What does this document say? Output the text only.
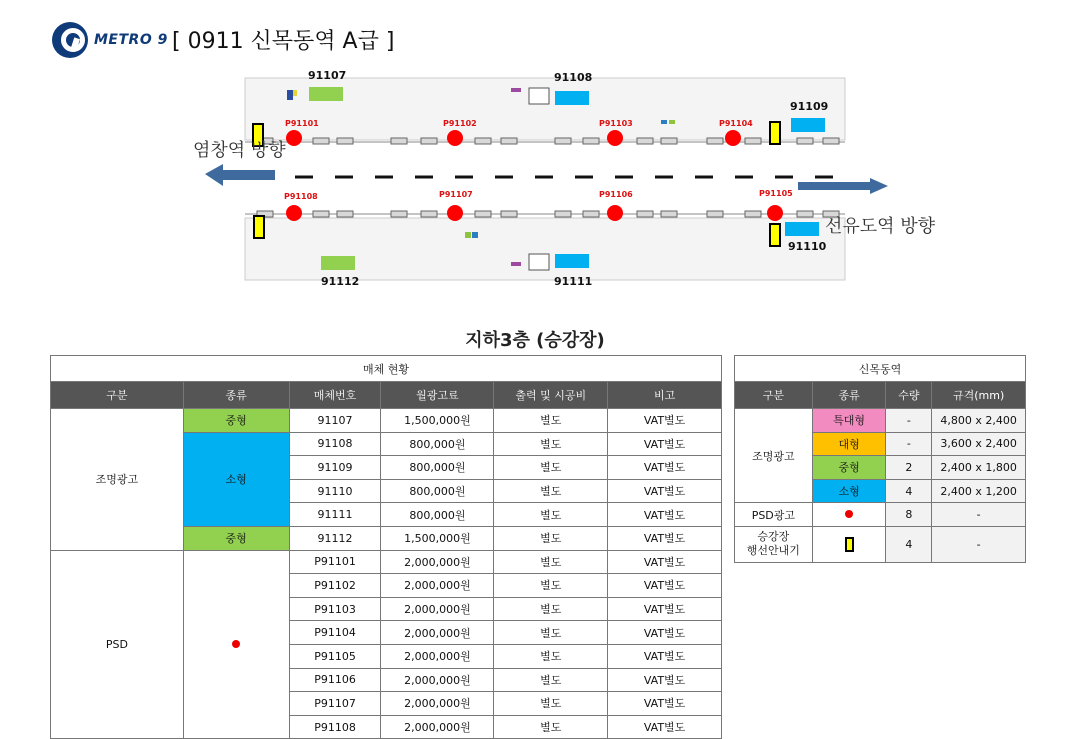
METRO 9 [ 0911 신목동역 A급 ]
91107	91108
91109
91110
91111
91112
P91101	P91102	P91103	P91104
P91108	P91107	P91106	P91105
염창역 방향
선유도역 방향
지하3층 (승강장)
매체 현황					
구분	종류	매체번호	월광고료	출력 및 시공비	비고
조명광고	중형	91107	1,500,000원	별도	VAT별도
	소형	91108	800,000원	별도	VAT별도
		91109	800,000원	별도	VAT별도
		91110	800,000원	별도	VAT별도
		91111	800,000원	별도	VAT별도
	중형	91112	1,500,000원	별도	VAT별도
PSD		P91101	2,000,000원	별도	VAT별도
		P91102	2,000,000원	별도	VAT별도
		P91103	2,000,000원	별도	VAT별도
		P91104	2,000,000원	별도	VAT별도
		P91105	2,000,000원	별도	VAT별도
		P91106	2,000,000원	별도	VAT별도
		P91107	2,000,000원	별도	VAT별도
		P91108	2,000,000원	별도	VAT별도
신목동역			
구분	종류	수량	규격(mm)
조명광고	특대형	-	4,800 x 2,400
	대형	-	3,600 x 2,400
	중형	2	2,400 x 1,800
	소형	4	2,400 x 1,200
PSD광고		8	-

승강장
행선안내기		4	-
